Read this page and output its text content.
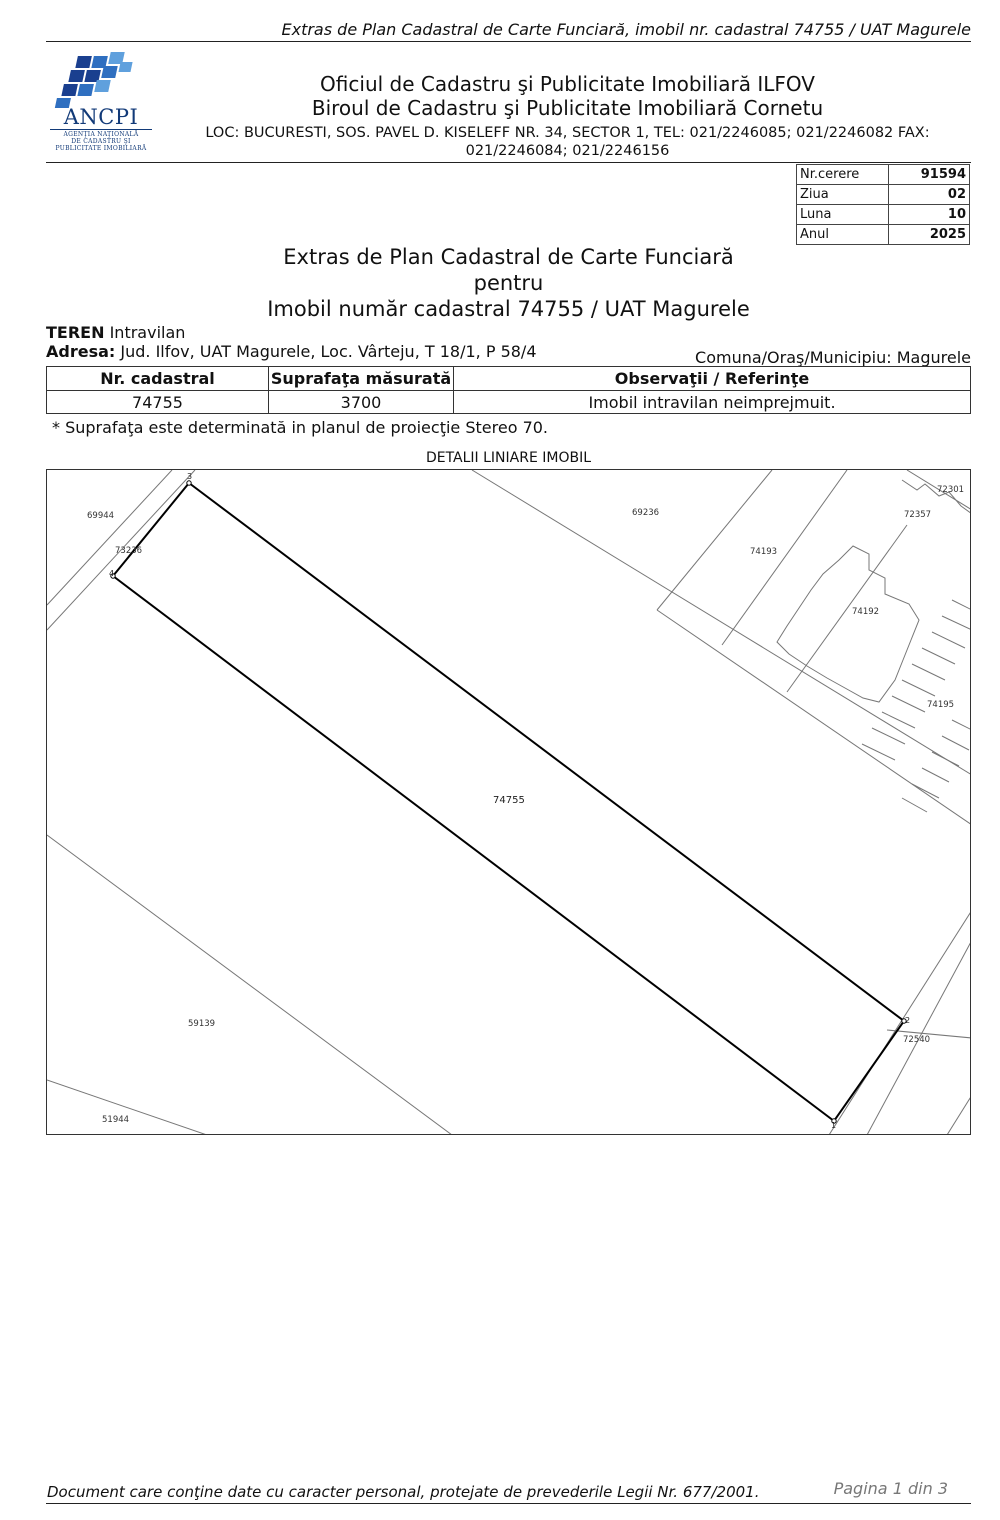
Extras de Plan Cadastral de Carte Funciară, imobil nr. cadastral 74755 / UAT Magurele
ANCPI
AGENŢIA NAŢIONALĂ
DE CADASTRU ŞI
PUBLICITATE IMOBILIARĂ
Oficiul de Cadastru şi Publicitate Imobiliară ILFOV
Biroul de Cadastru şi Publicitate Imobiliară Cornetu
LOC: BUCURESTI, SOS. PAVEL D. KISELEFF NR. 34, SECTOR 1, TEL: 021/2246085; 021/2246082 FAX:
021/2246084; 021/2246156
Nr.cerere	91594
Ziua	02
Luna	10
Anul	2025
Extras de Plan Cadastral de Carte Funciară
pentru
Imobil număr cadastral 74755 / UAT Magurele
TEREN Intravilan
Adresa: Jud. Ilfov, UAT Magurele, Loc. Vârteju, T 18/1, P 58/4	Comuna/Oraş/Municipiu: Magurele
Nr. cadastral	Suprafaţa măsurată	Observaţii / Referinţe
74755	3700	Imobil intravilan neimprejmuit.
* Suprafaţa este determinată in planul de proiecţie Stereo 70.
DETALII LINIARE IMOBIL
3
2
1
4
74755
69944
73236
69236
72301
72357
74193
74192
74195
72540
59139
51944
Document care conţine date cu caracter personal, protejate de prevederile Legii Nr. 677/2001.	Pagina 1 din 3
